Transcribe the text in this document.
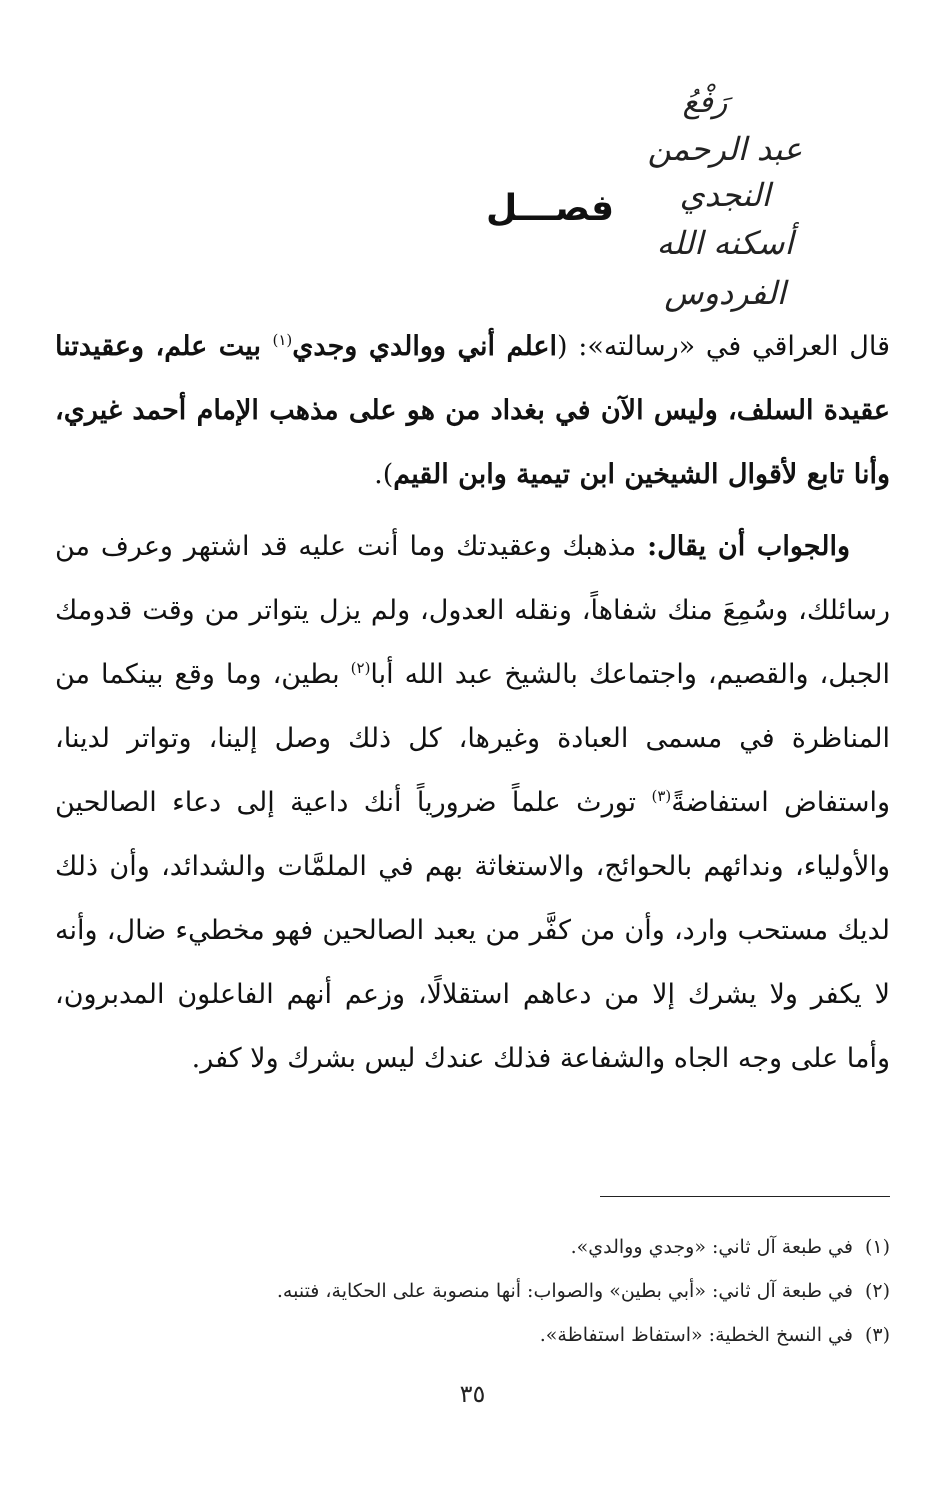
رَفْعُ
عبد الرحمن النجدي
أسكنه الله الفردوس
فصـــل

قال العراقي في «رسالته»: (اعلم أني ووالدي وجدي$^{(١)}$ بيت علم، وعقيدتنا عقيدة السلف، وليس الآن في بغداد من هو على مذهب الإمام أحمد غيري، وأنا تابع لأقوال الشيخين ابن تيمية وابن القيم).

والجواب أن يقال: مذهبك وعقيدتك وما أنت عليه قد اشتهر وعرف من رسائلك، وسُمِعَ منك شفاهاً، ونقله العدول، ولم يزل يتواتر من وقت قدومك الجبل، والقصيم، واجتماعك بالشيخ عبد الله أبا$^{(٢)}$ بطين، وما وقع بينكما من المناظرة في مسمى العبادة وغيرها، كل ذلك وصل إلينا، وتواتر لدينا، واستفاض استفاضةً$^{(٣)}$ تورث علماً ضرورياً أنك داعية إلى دعاء الصالحين والأولياء، وندائهم بالحوائج، والاستغاثة بهم في الملمَّات والشدائد، وأن ذلك لديك مستحب وارد، وأن من كفَّر من يعبد الصالحين فهو مخطيء ضال، وأنه لا يكفر ولا يشرك إلا من دعاهم استقلالًا، وزعم أنهم الفاعلون المدبرون، وأما على وجه الجاه والشفاعة فذلك عندك ليس بشرك ولا كفر.

(١)في طبعة آل ثاني: «وجدي ووالدي».
(٢)في طبعة آل ثاني: «أبي بطين» والصواب: أنها منصوبة على الحكاية، فتنبه.
(٣)في النسخ الخطية: «استفاظ استفاظة».
٣٥
